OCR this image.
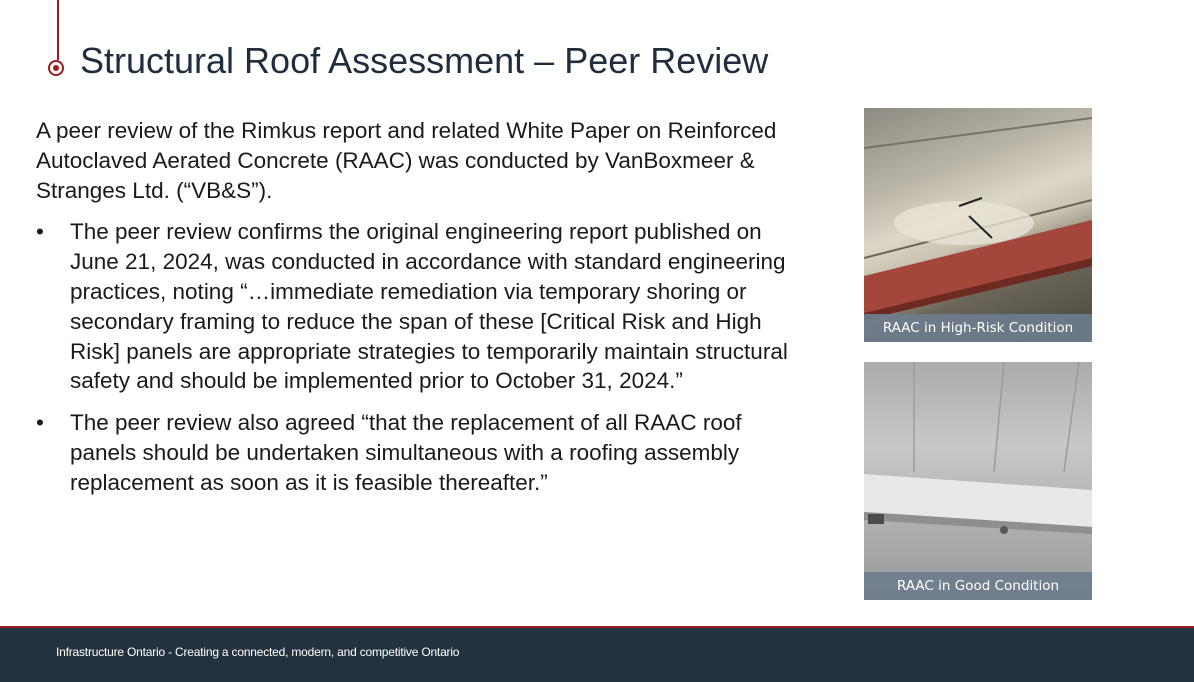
Structural Roof Assessment – Peer Review

A peer review of the Rimkus report and related White Paper on Reinforced Autoclaved Aerated Concrete (RAAC) was conducted by VanBoxmeer & Stranges Ltd. (“VB&S”).

• The peer review confirms the original engineering report published on June 21, 2024, was conducted in accordance with standard engineering practices, noting “…immediate remediation via temporary shoring or secondary framing to reduce the span of these [Critical Risk and High Risk] panels are appropriate strategies to temporarily maintain structural safety and should be implemented prior to October 31, 2024.”
• The peer review also agreed “that the replacement of all RAAC roof panels should be undertaken simultaneous with a roofing assembly replacement as soon as it is feasible thereafter.”
RAAC in High-Risk Condition
RAAC in Good Condition
Infrastructure Ontario - Creating a connected, modern, and competitive Ontario
